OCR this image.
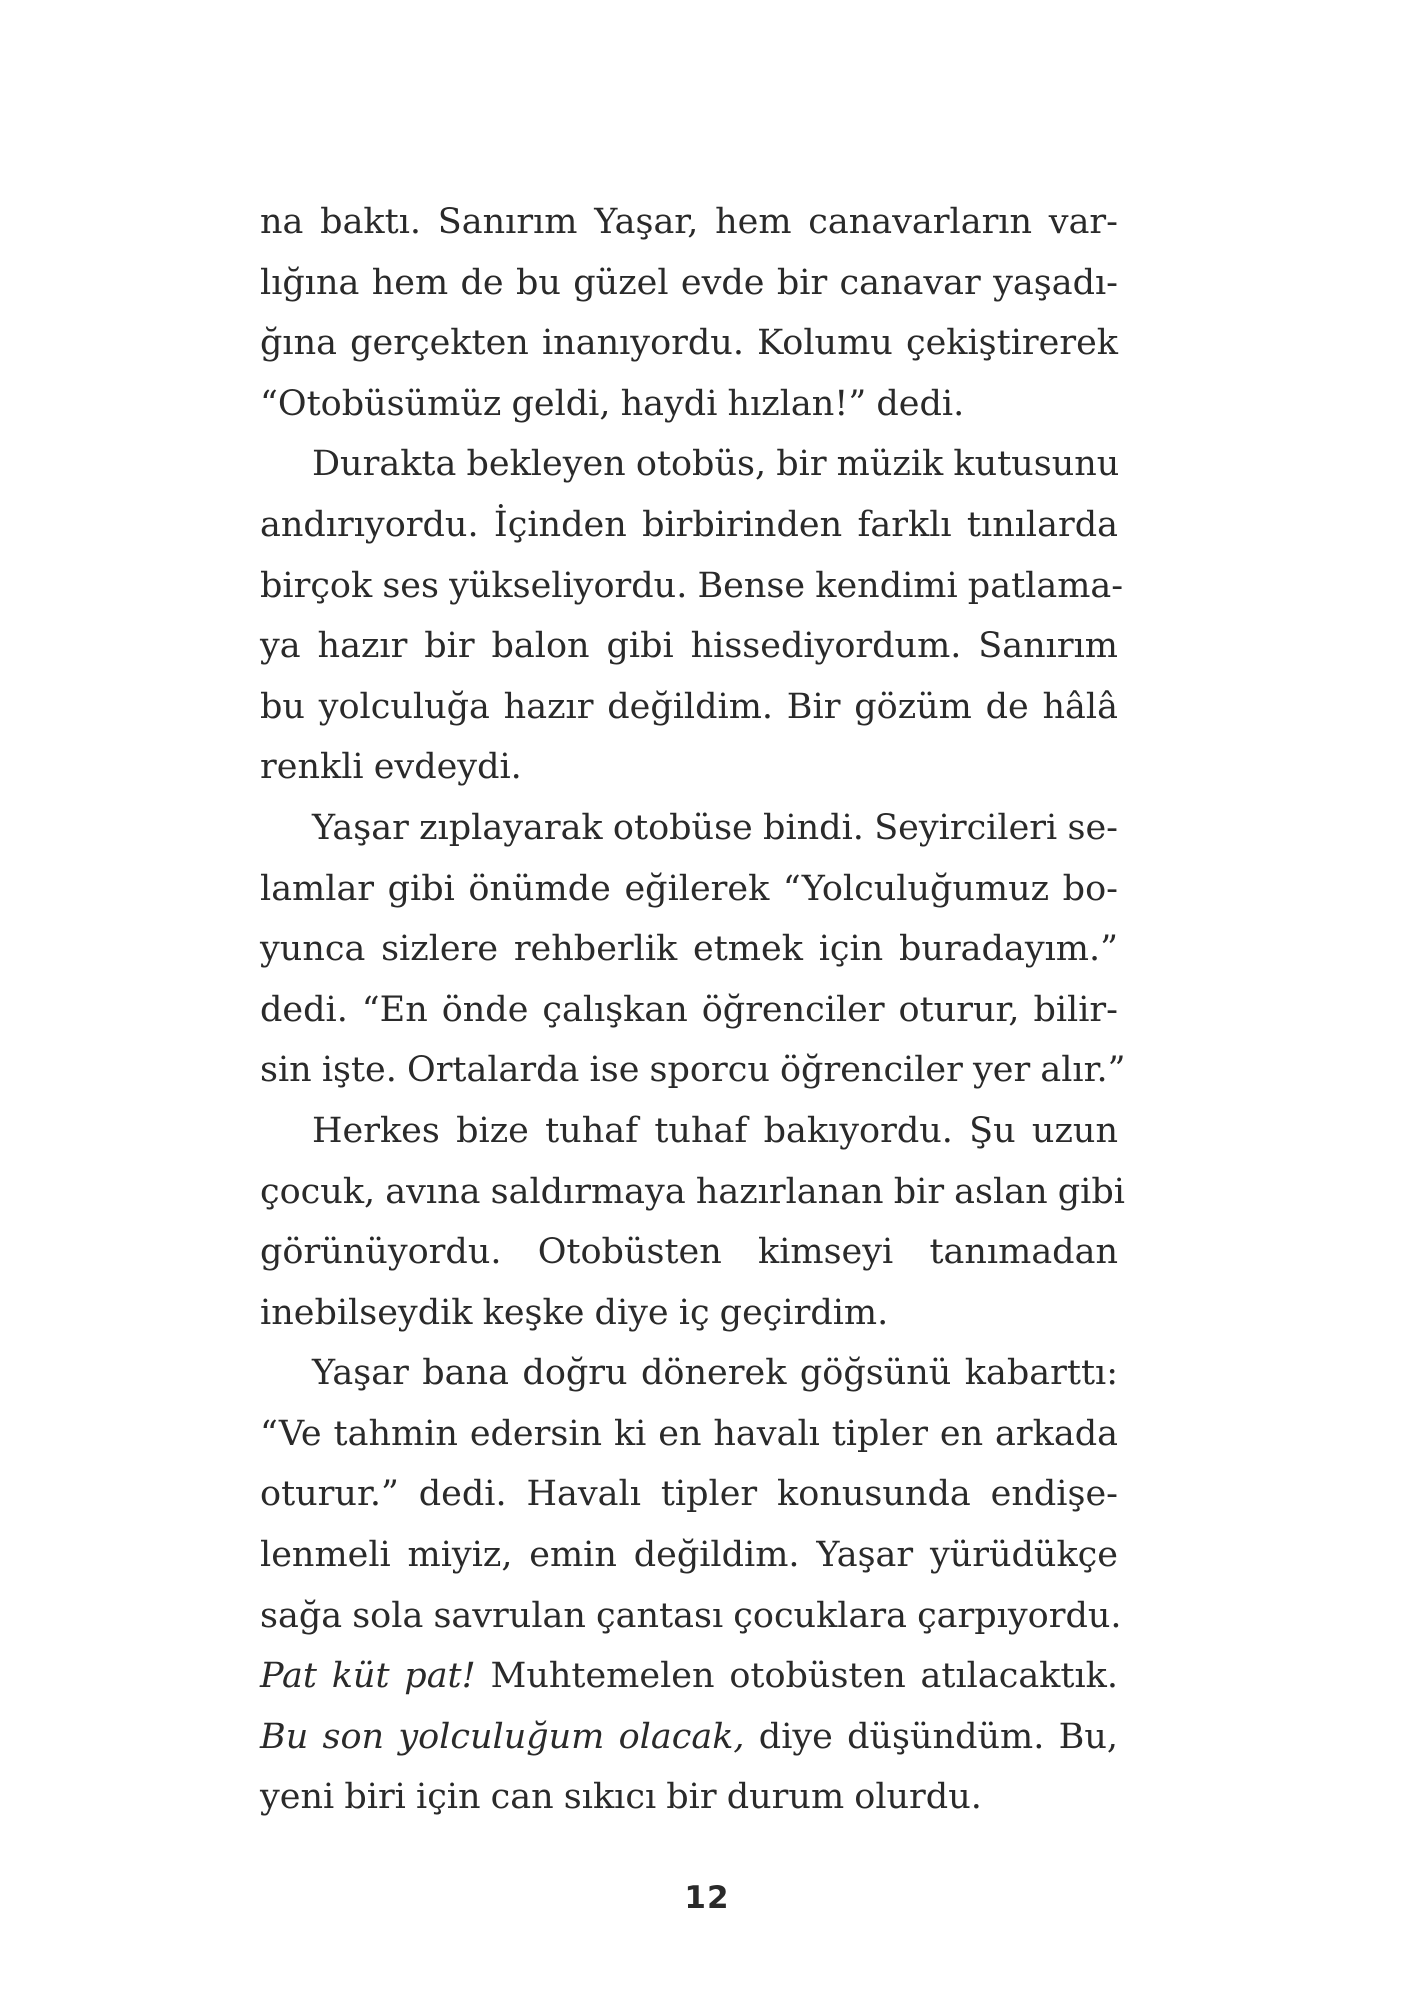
na baktı. Sanırım Yaşar, hem canavarların var-
lığına hem de bu güzel evde bir canavar yaşadı-
ğına gerçekten inanıyordu. Kolumu çekiştirerek
“Otobüsümüz geldi, haydi hızlan!” dedi.
Durakta bekleyen otobüs, bir müzik kutusunu
andırıyordu. İçinden birbirinden farklı tınılarda
birçok ses yükseliyordu. Bense kendimi patlama-
ya hazır bir balon gibi hissediyordum. Sanırım
bu yolculuğa hazır değildim. Bir gözüm de hâlâ
renkli evdeydi.
Yaşar zıplayarak otobüse bindi. Seyircileri se-
lamlar gibi önümde eğilerek “Yolculuğumuz bo-
yunca sizlere rehberlik etmek için buradayım.”
dedi. “En önde çalışkan öğrenciler oturur, bilir-
sin işte. Ortalarda ise sporcu öğrenciler yer alır.”
Herkes bize tuhaf tuhaf bakıyordu. Şu uzun
çocuk, avına saldırmaya hazırlanan bir aslan gibi
görünüyordu. Otobüsten kimseyi tanımadan
inebilseydik keşke diye iç geçirdim.
Yaşar bana doğru dönerek göğsünü kabarttı:
“Ve tahmin edersin ki en havalı tipler en arkada
oturur.” dedi. Havalı tipler konusunda endişe-
lenmeli miyiz, emin değildim. Yaşar yürüdükçe
sağa sola savrulan çantası çocuklara çarpıyordu.
Pat küt pat! Muhtemelen otobüsten atılacaktık.
Bu son yolculuğum olacak, diye düşündüm. Bu,
yeni biri için can sıkıcı bir durum olurdu.
12
